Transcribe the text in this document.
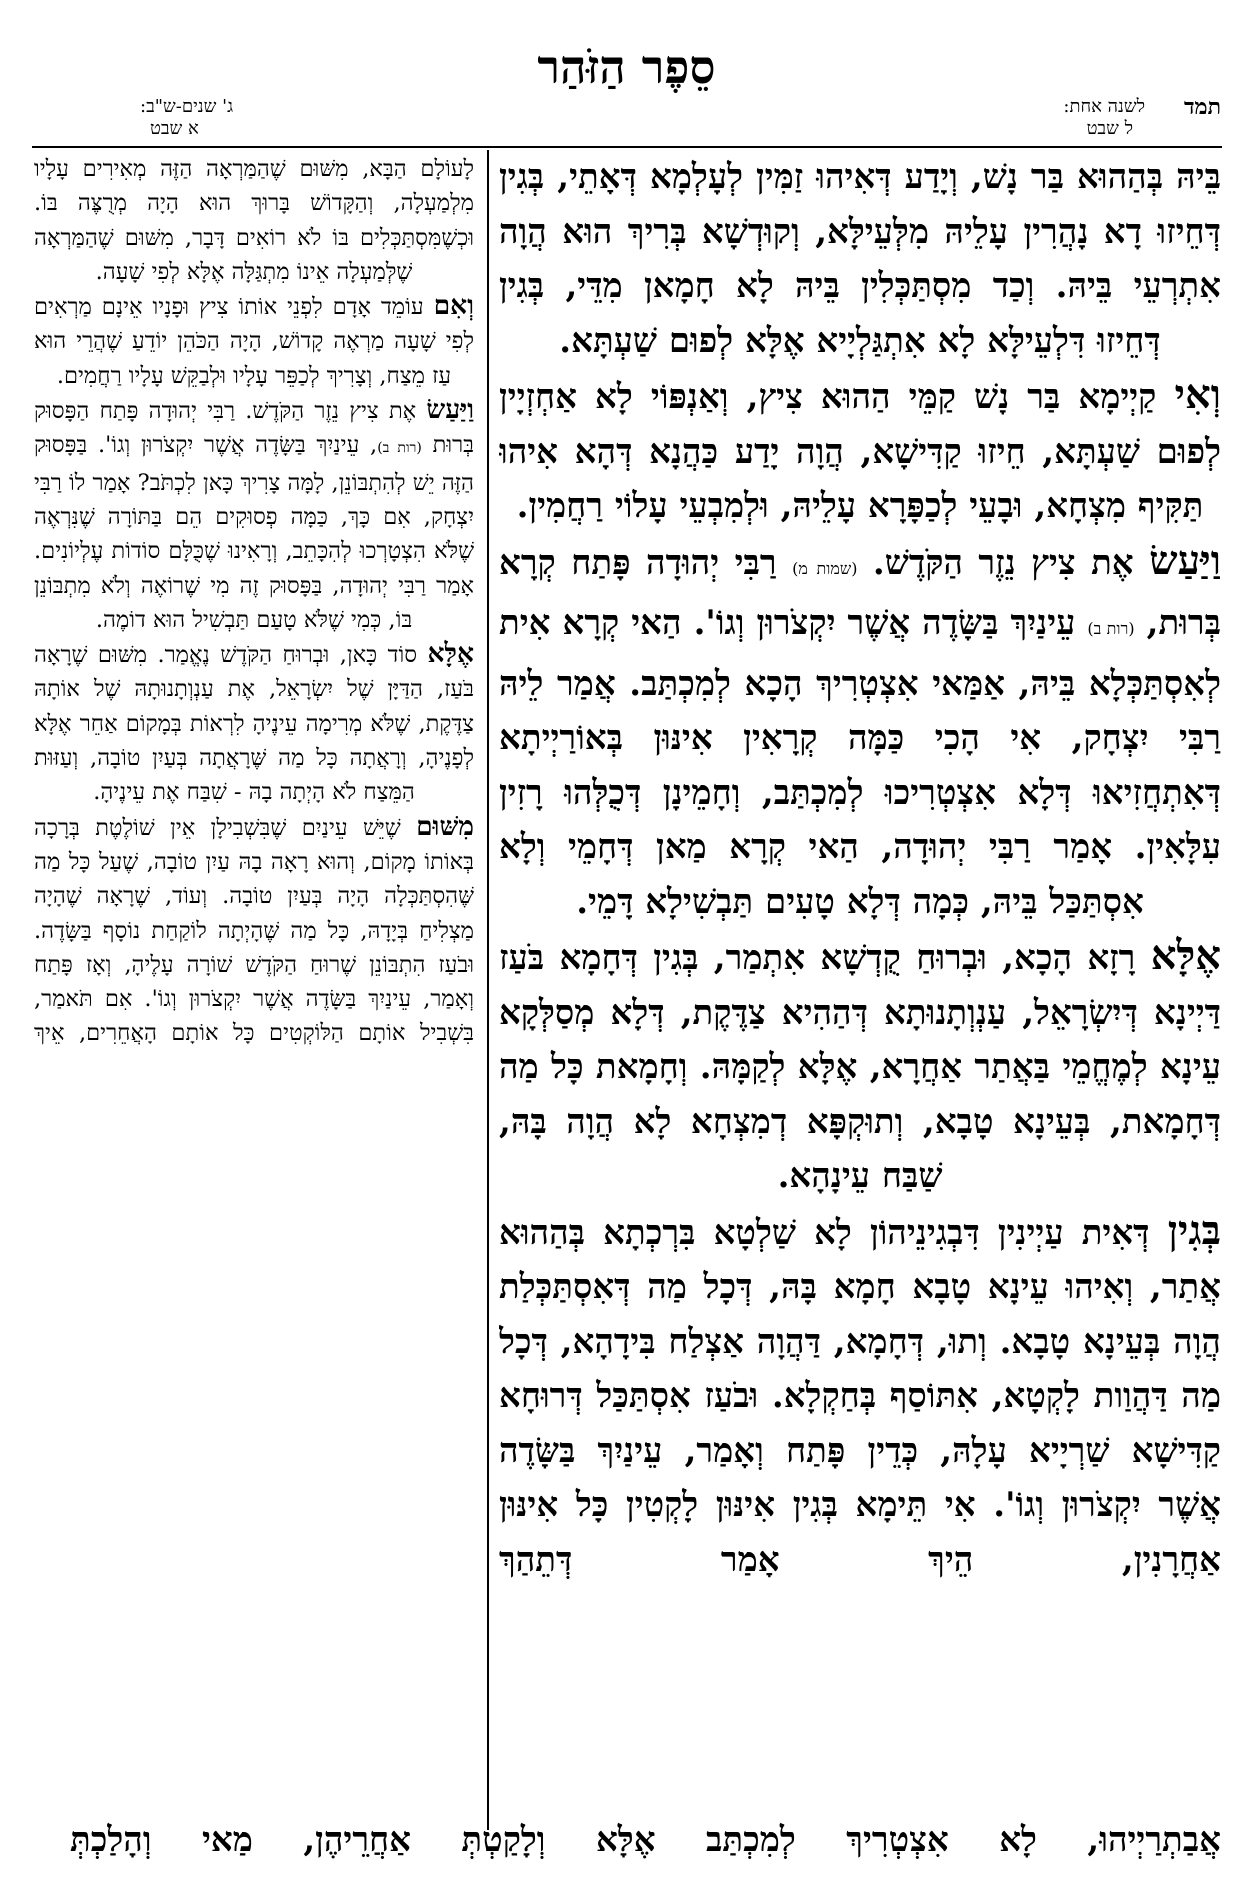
סֵפֶר הַזֹּהַר
תמד
לשנה אחת:
ל שבט
ג' שנים-ש"ב:
א שבט

בֵּיהּ בְּהַהוּא בַּר נָשׁ, וְיָדַע דְּאִיהוּ זַמִּין לְעָלְמָא דְּאָתֵי, בְּגִין דְּחֵיזוּ דָא נָהֲרִין עָלֵיהּ מִלְּעֵילָּא, וְקוּדְשָׁא בְּרִיךְ הוּא הֲוָה אִתְרְעֵי בֵּיהּ. וְכַד מִסְתַּכְּלִין בֵּיהּ לָא חָמָאן מִדֵּי, בְּגִין דְּחֵיזוּ דִּלְעֵילָּא לָא אִתְגַּלְיָיא אֶלָּא לְפוּם שַׁעְתָּא.

וְאִי קַיְימָא בַּר נָשׁ קַמֵּי הַהוּא צִיץ, וְאַנְפּוֹי לָא אַחְזְיָין לְפוּם שַׁעְתָּא, חֵיזוּ קַדִּישָׁא, הֲוָה יָדַע כַּהֲנָא דְּהָא אִיהוּ תַּקִּיף מִצְחָא, וּבָעֵי לְכַפָּרָא עָלֵיהּ, וּלְמִבְעֵי עָלוֹי רַחֲמִין.

וַיַּעַשׂ אֶת צִיץ נֵזֶר הַקֹּדֶשׁ. (שמות מ) רַבִּי יְהוּדָה פָּתַח קְרָא בְּרוּת, (רות ב) עֵינַיִךְ בַּשָּׂדֶה אֲשֶׁר יִקְצֹרוּן וְגוֹ'. הַאי קְרָא אִית לְאִסְתַּכְּלָא בֵּיהּ, אַמַּאי אִצְטְרִיךְ הָכָא לְמִכְתַּב. אֲמַר לֵיהּ רַבִּי יִצְחָק, אִי הָכִי כַּמָּה קְרָאִין אִינּוּן בְּאוֹרַיְיתָא דְּאִתְחֲזִיאוּ דְּלָא אִצְטְרִיכוּ לְמִכְתַּב, וְחָמֵינָן דְּכֻלְּהוּ רָזִין עִלָּאִין. אָמַר רַבִּי יְהוּדָה, הַאי קְרָא מַאן דְּחָמֵי וְלָא אִסְתַּכַּל בֵּיהּ, כְּמָה דְּלָא טָעִים תַּבְשִׁילָא דָּמֵי.

אֶלָּא רָזָא הָכָא, וּבְרוּחַ קֻדְשָׁא אִתְמַר, בְּגִין דְּחָמָא בֹּעַז דַּיְינָא דְּיִשְׂרָאֵל, עַנְוְתָנוּתָא דְּהַהִיא צַדֶּקֶת, דְּלָא מְסַלְּקָא עֵינָא לְמֶחֱמֵי בַּאֲתַר אַחֲרָא, אֶלָּא לְקַמָּהּ. וְחָמָאת כָּל מַה דְּחָמָאת, בְּעֵינָא טָבָא, וְתוּקְפָּא דְמִצְחָא לָא הֲוָה בָּהּ, שַׁבַּח עֵינָהָא.

בְּגִין דְּאִית עַיְינִין דִּבְגִינֵיהוֹן לָא שַׁלְטָא בִּרְכְתָא בְּהַהוּא אֲתַר, וְאִיהוּ עֵינָא טָבָא חָמָא בָּהּ, דְּכָל מַה דְּאִסְתַּכְּלַת הֲוָה בְּעֵינָא טָבָא. וְתוּ, דְּחָמָא, דַּהֲוָה אַצְלַח בִּידָהָא, דְּכָל מַה דַּהֲוַות לָקְטָא, אִתּוֹסַף בְּחַקְלָא. וּבֹעַז אִסְתַּכַּל דְּרוּחָא קַדִּישָׁא שַׁרְיָיא עָלָהּ, כְּדֵין פָּתַח וְאָמַר, עֵינַיִךְ בַּשָּׂדֶה אֲשֶׁר יִקְצֹרוּן וְגוֹ'. אִי תֵּימָא בְּגִין אִינּוּן לָקְטִין כָּל אִינּוּן אַחֲרָנִין, הֵיךְ אָמַר דְּתֵהַךְ

אֲבַתְרַיְיהוּ, לָא אִצְטְרִיךְ לְמִכְתַּב אֶלָּא וְלָקַטְתְּ אַחֲרֵיהֶן, מַאי וְהָלַכְתְּ

לָעוֹלָם הַבָּא, מִשּׁוּם שֶׁהַמַּרְאָה הַזֶּה מְאִירִים עָלָיו מִלְמַעְלָה, וְהַקָּדוֹשׁ בָּרוּךְ הוּא הָיָה מְרֻצֶּה בּוֹ. וּכְשֶׁמִּסְתַּכְּלִים בּוֹ לֹא רוֹאִים דָּבָר, מִשּׁוּם שֶׁהַמַּרְאָה שֶׁלְּמַעְלָה אֵינוֹ מִתְגַּלָּה אֶלָּא לְפִי שָׁעָה.

וְאִם עוֹמֵד אָדָם לִפְנֵי אוֹתוֹ צִיץ וּפָנָיו אֵינָם מַרְאִים לְפִי שָׁעָה מַרְאֶה קָדוֹשׁ, הָיָה הַכֹּהֵן יוֹדֵעַ שֶׁהֲרֵי הוּא עַז מֵצַח, וְצָרִיךְ לְכַפֵּר עָלָיו וּלְבַקֵּשׁ עָלָיו רַחֲמִים.

וַיַּעַשׂ אֶת צִיץ נֵזֶר הַקֹּדֶשׁ. רַבִּי יְהוּדָה פָּתַח הַפָּסוּק בְּרוּת (רות ב), עֵינַיִךְ בַּשָּׂדֶה אֲשֶׁר יִקְצֹרוּן וְגוֹ'. בַּפָּסוּק הַזֶּה יֵשׁ לְהִתְבּוֹנֵן, לָמָּה צָרִיךְ כָּאן לִכְתֹּב? אָמַר לוֹ רַבִּי יִצְחָק, אִם כָּךְ, כַּמָּה פְסוּקִים הֵם בַּתּוֹרָה שֶׁנִּרְאֶה שֶׁלֹּא הִצְטָרְכוּ לְהִכָּתֵב, וְרָאִינוּ שֶׁכֻּלָּם סוֹדוֹת עֶלְיוֹנִים. אָמַר רַבִּי יְהוּדָה, בַּפָּסוּק זֶה מִי שֶׁרוֹאֶה וְלֹא מִתְבּוֹנֵן בּוֹ, כְּמִי שֶׁלֹּא טָעַם תַּבְשִׁיל הוּא דוֹמֶה.

אֶלָּא סוֹד כָּאן, וּבְרוּחַ הַקֹּדֶשׁ נֶאֱמַר. מִשּׁוּם שֶׁרָאָה בֹּעַז, הַדַּיָּן שֶׁל יִשְׂרָאֵל, אֶת עַנְוְתָנוּתָהּ שֶׁל אוֹתָהּ צַדֶּקֶת, שֶׁלֹּא מְרִימָה עֵינֶיהָ לִרְאוֹת בְּמָקוֹם אַחֵר אֶלָּא לְפָנֶיהָ, וְרָאֲתָה כָּל מַה שֶּׁרָאֲתָה בְּעַיִן טוֹבָה, וְעַזּוּת הַמֵּצַח לֹא הָיְתָה בָהּ - שִׁבַּח אֶת עֵינֶיהָ.

מִשּׁוּם שֶׁיֵּשׁ עֵינַיִם שֶׁבִּשְׁבִילָן אֵין שׁוֹלֶטֶת בְּרָכָה בְּאוֹתוֹ מָקוֹם, וְהוּא רָאָה בָהּ עַיִן טוֹבָה, שֶׁעַל כָּל מַה שֶּׁהִסְתַּכְּלָה הָיָה בְּעַיִן טוֹבָה. וְעוֹד, שֶׁרָאָה שֶׁהָיָה מַצְלִיחַ בְּיָדָהּ, כָּל מַה שֶּׁהָיְתָה לוֹקַחַת נוֹסָף בַּשָּׂדֶה. וּבֹעַז הִתְבּוֹנֵן שֶׁרוּחַ הַקֹּדֶשׁ שׁוֹרָה עָלֶיהָ, וְאָז פָּתַח וְאָמַר, עֵינַיִךְ בַּשָּׂדֶה אֲשֶׁר יִקְצֹרוּן וְגוֹ'. אִם תֹּאמַר, בִּשְׁבִיל אוֹתָם הַלּוֹקְטִים כָּל אוֹתָם הָאֲחֵרִים, אֵיךְ
